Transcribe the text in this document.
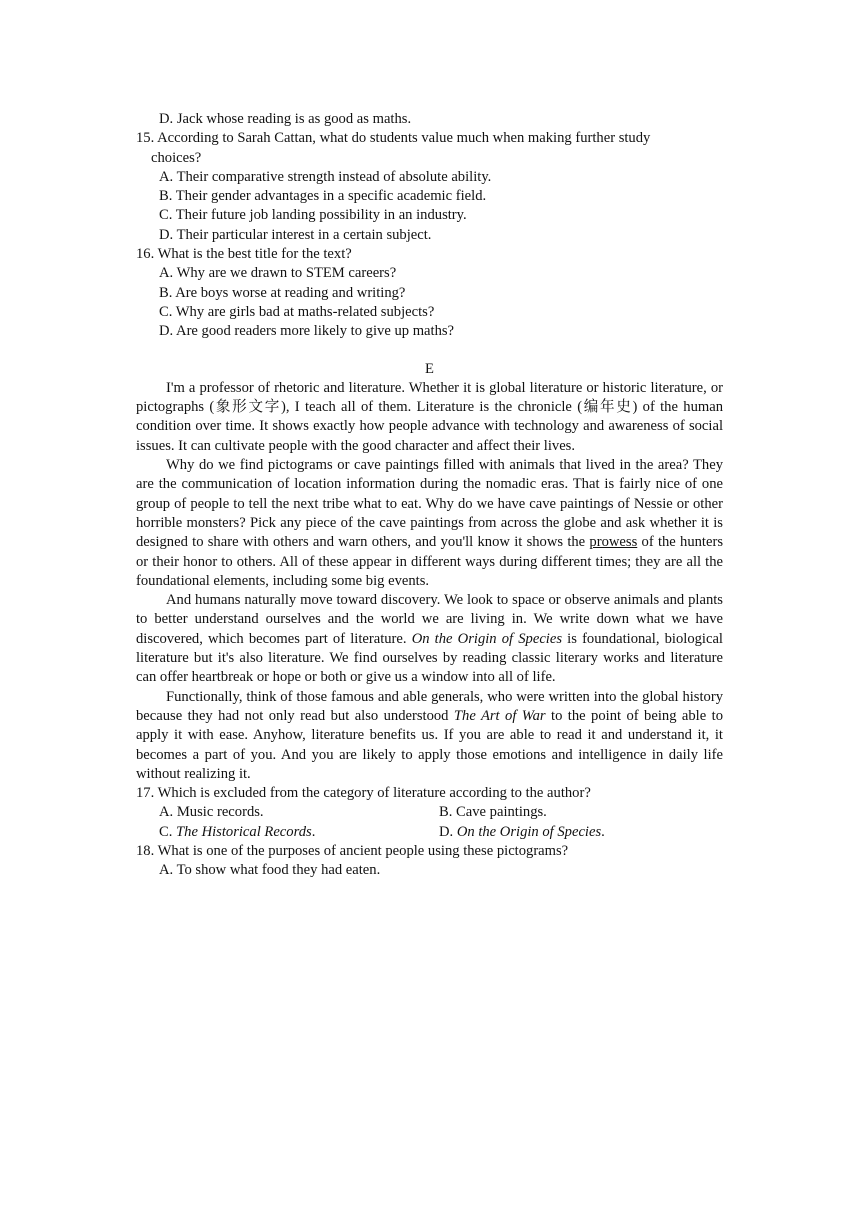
D. Jack whose reading is as good as maths.
15. According to Sarah Cattan, what do students value much when making further study
choices?
A. Their comparative strength instead of absolute ability.
B. Their gender advantages in a specific academic field.
C. Their future job landing possibility in an industry.
D. Their particular interest in a certain subject.
16. What is the best title for the text?
A. Why are we drawn to STEM careers?
B. Are boys worse at reading and writing?
C. Why are girls bad at maths-related subjects?
D. Are good readers more likely to give up maths?
E
I'm a professor of rhetoric and literature. Whether it is global literature or historic literature, or pictographs (象形文字), I teach all of them. Literature is the chronicle (编年史) of the human condition over time. It shows exactly how people advance with technology and awareness of social issues. It can cultivate people with the good character and affect their lives.
Why do we find pictograms or cave paintings filled with animals that lived in the area? They are the communication of location information during the nomadic eras. That is fairly nice of one group of people to tell the next tribe what to eat. Why do we have cave paintings of Nessie or other horrible monsters? Pick any piece of the cave paintings from across the globe and ask whether it is designed to share with others and warn others, and you'll know it shows the prowess of the hunters or their honor to others. All of these appear in different ways during different times; they are all the foundational elements, including some big events.
And humans naturally move toward discovery. We look to space or observe animals and plants to better understand ourselves and the world we are living in. We write down what we have discovered, which becomes part of literature. On the Origin of Species is foundational, biological literature but it's also literature. We find ourselves by reading classic literary works and literature can offer heartbreak or hope or both or give us a window into all of life.
Functionally, think of those famous and able generals, who were written into the global history because they had not only read but also understood The Art of War to the point of being able to apply it with ease. Anyhow, literature benefits us. If you are able to read it and understand it, it becomes a part of you. And you are likely to apply those emotions and intelligence in daily life without realizing it.
17. Which is excluded from the category of literature according to the author?
A. Music records.	B. Cave paintings.
C. The Historical Records.	D. On the Origin of Species.
18. What is one of the purposes of ancient people using these pictograms?
A. To show what food they had eaten.
